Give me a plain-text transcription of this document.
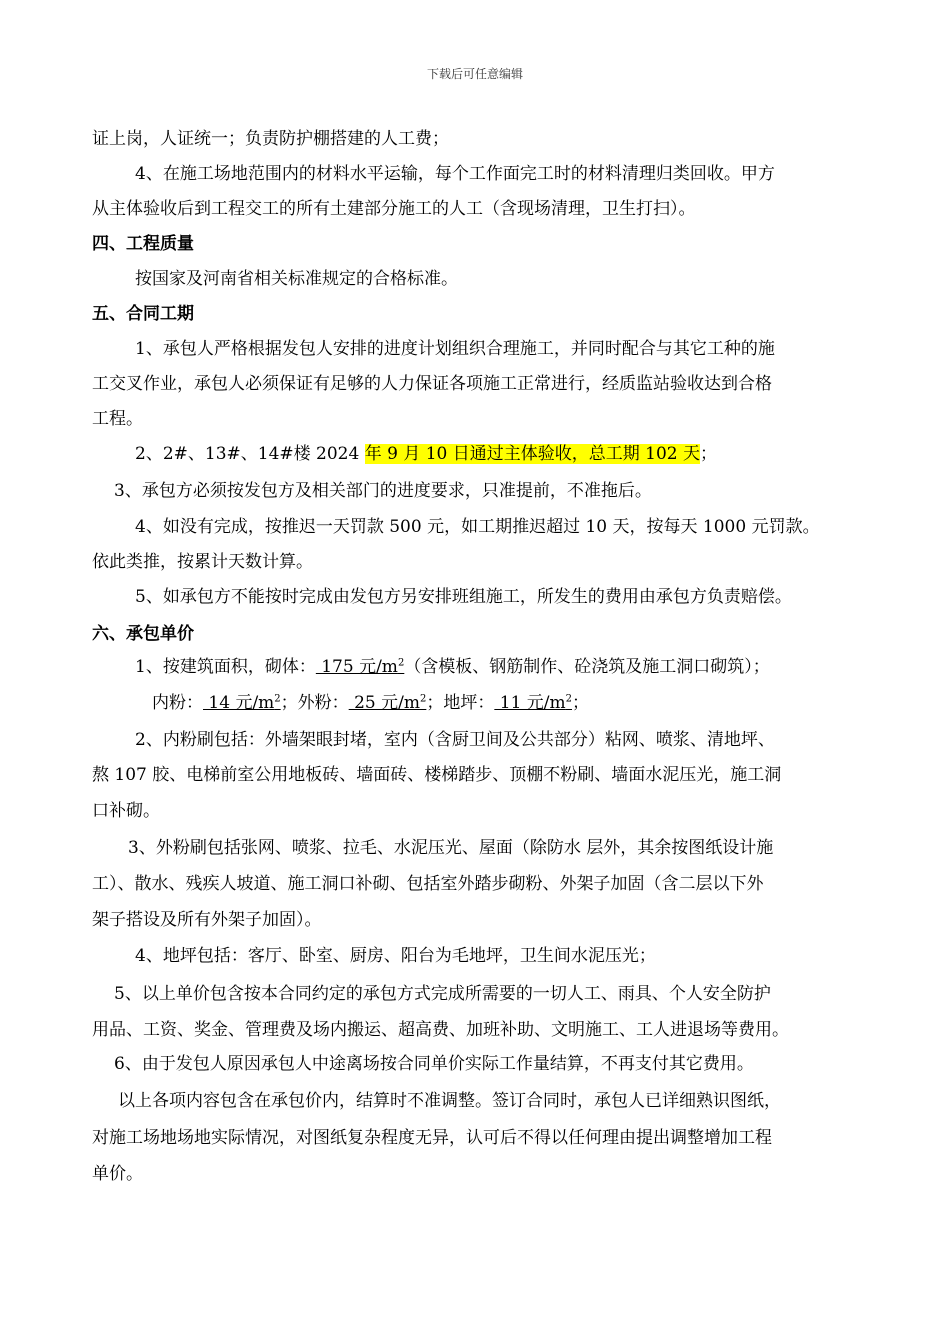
下载后可任意编辑
证上岗，人证统一；负责防护棚搭建的人工费；
4、在施工场地范围内的材料水平运输，每个工作面完工时的材料清理归类回收。甲方
从主体验收后到工程交工的所有土建部分施工的人工（含现场清理，卫生打扫）。
四、工程质量
按国家及河南省相关标准规定的合格标准。
五、合同工期
1、承包人严格根据发包人安排的进度计划组织合理施工，并同时配合与其它工种的施
工交叉作业，承包人必须保证有足够的人力保证各项施工正常进行，经质监站验收达到合格
工程。
2、2#、13#、14#楼 2024 年 9 月 10 日通过主体验收，总工期 102 天；
3、承包方必须按发包方及相关部门的进度要求，只准提前，不准拖后。
4、如没有完成，按推迟一天罚款 500 元，如工期推迟超过 10 天，按每天 1000 元罚款。
依此类推，按累计天数计算。
5、如承包方不能按时完成由发包方另安排班组施工，所发生的费用由承包方负责赔偿。
六、承包单价
1、按建筑面积，砌体： 175 元$/m^2$（含模板、钢筋制作、砼浇筑及施工洞口砌筑）；
内粉： 14 元$/m^2$；外粉： 25 元$/m^2$；地坪： 11 元$/m^2$；
2、内粉刷包括：外墙架眼封堵，室内（含厨卫间及公共部分）粘网、喷浆、清地坪、
熬 107 胶、电梯前室公用地板砖、墙面砖、楼梯踏步、顶棚不粉刷、墙面水泥压光，施工洞
口补砌。
3、外粉刷包括张网、喷浆、拉毛、水泥压光、屋面（除防水 层外，其余按图纸设计施
工）、散水、残疾人坡道、施工洞口补砌、包括室外踏步砌粉、外架子加固（含二层以下外
架子搭设及所有外架子加固）。
4、地坪包括：客厅、卧室、厨房、阳台为毛地坪，卫生间水泥压光；
5、以上单价包含按本合同约定的承包方式完成所需要的一切人工、雨具、个人安全防护
用品、工资、奖金、管理费及场内搬运、超高费、加班补助、文明施工、工人进退场等费用。
6、由于发包人原因承包人中途离场按合同单价实际工作量结算，不再支付其它费用。
以上各项内容包含在承包价内，结算时不准调整。签订合同时，承包人已详细熟识图纸，
对施工场地场地实际情况，对图纸复杂程度无异，认可后不得以任何理由提出调整增加工程
单价。
